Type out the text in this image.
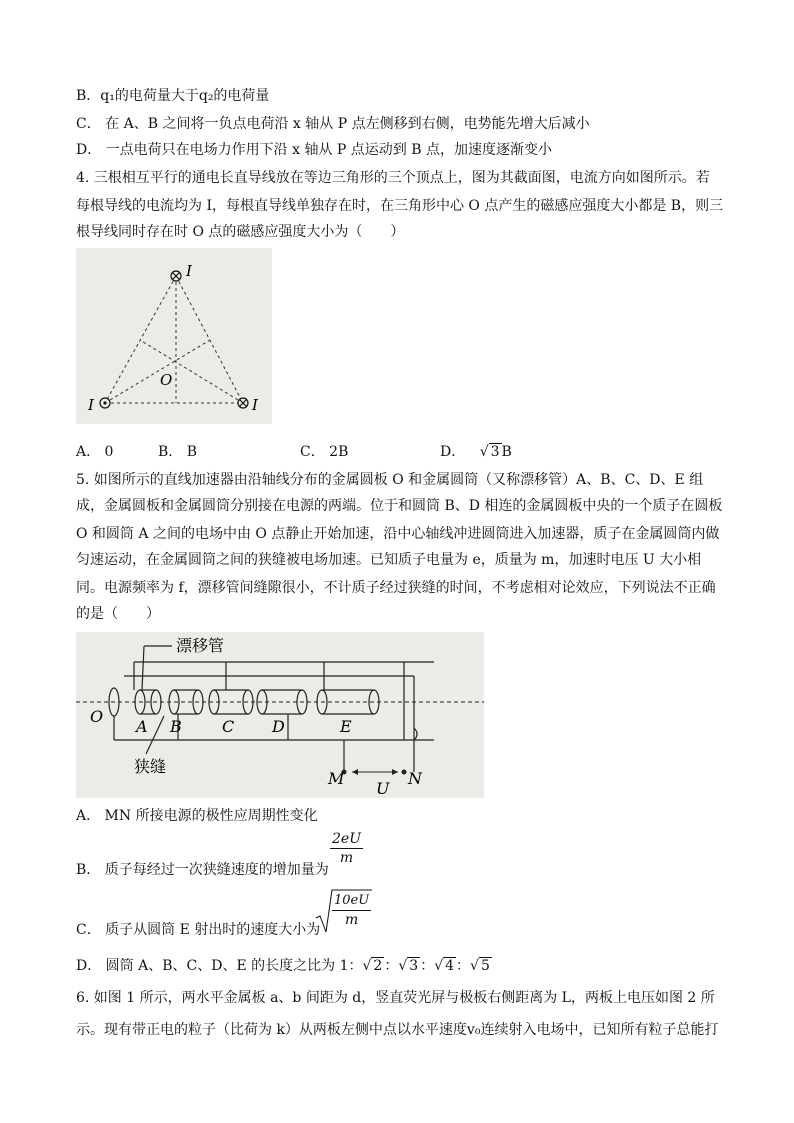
B．q₁的电荷量大于q₂的电荷量
C． 在 A、B 之间将一负点电荷沿 x 轴从 P 点左侧移到右侧，电势能先增大后减小
D． 一点电荷只在电场力作用下沿 x 轴从 P 点运动到 B 点，加速度逐渐变小
4. 三根相互平行的通电长直导线放在等边三角形的三个顶点上，图为其截面图，电流方向如图所示。若
每根导线的电流均为 I，每根直导线单独存在时，在三角形中心 O 点产生的磁感应强度大小都是 B，则三
根导线同时存在时 O 点的磁感应强度大小为（　　）
I
I	I
O
A． 0	B． B	C． 2B	D． √ 3 B
5. 如图所示的直线加速器由沿轴线分布的金属圆板 O 和金属圆筒（又称漂移管）A、B、C、D、E 组
成，金属圆板和金属圆筒分别接在电源的两端。位于和圆筒 B、D 相连的金属圆板中央的一个质子在圆板
O 和圆筒 A 之间的电场中由 O 点静止开始加速，沿中心轴线冲进圆筒进入加速器，质子在金属圆筒内做
匀速运动，在金属圆筒之间的狭缝被电场加速。已知质子电量为 e，质量为 m，加速时电压 U 大小相
同。电源频率为 f，漂移管间缝隙很小，不计质子经过狭缝的时间，不考虑相对论效应，下列说法不正确
的是（　　）
漂移管
狭缝
O
A B	C D	E
M	N
U
A． MN 所接电源的极性应周期性变化
B． 质子每经过一次狭缝速度的增加量为
$\frac{2eU}{m}$
C． 质子从圆筒 E 射出时的速度大小为
$\frac{10eU}{m}$
D． 圆筒 A、B、C、D、E 的长度之比为 1：√ 2 ：√ 3 ：√ 4 ：√ 5
6. 如图 1 所示，两水平金属板 a、b 间距为 d，竖直荧光屏与极板右侧距离为 L，两板上电压如图 2 所
示。现有带正电的粒子（比荷为 k）从两板左侧中点以水平速度v₀连续射入电场中，已知所有粒子总能打
